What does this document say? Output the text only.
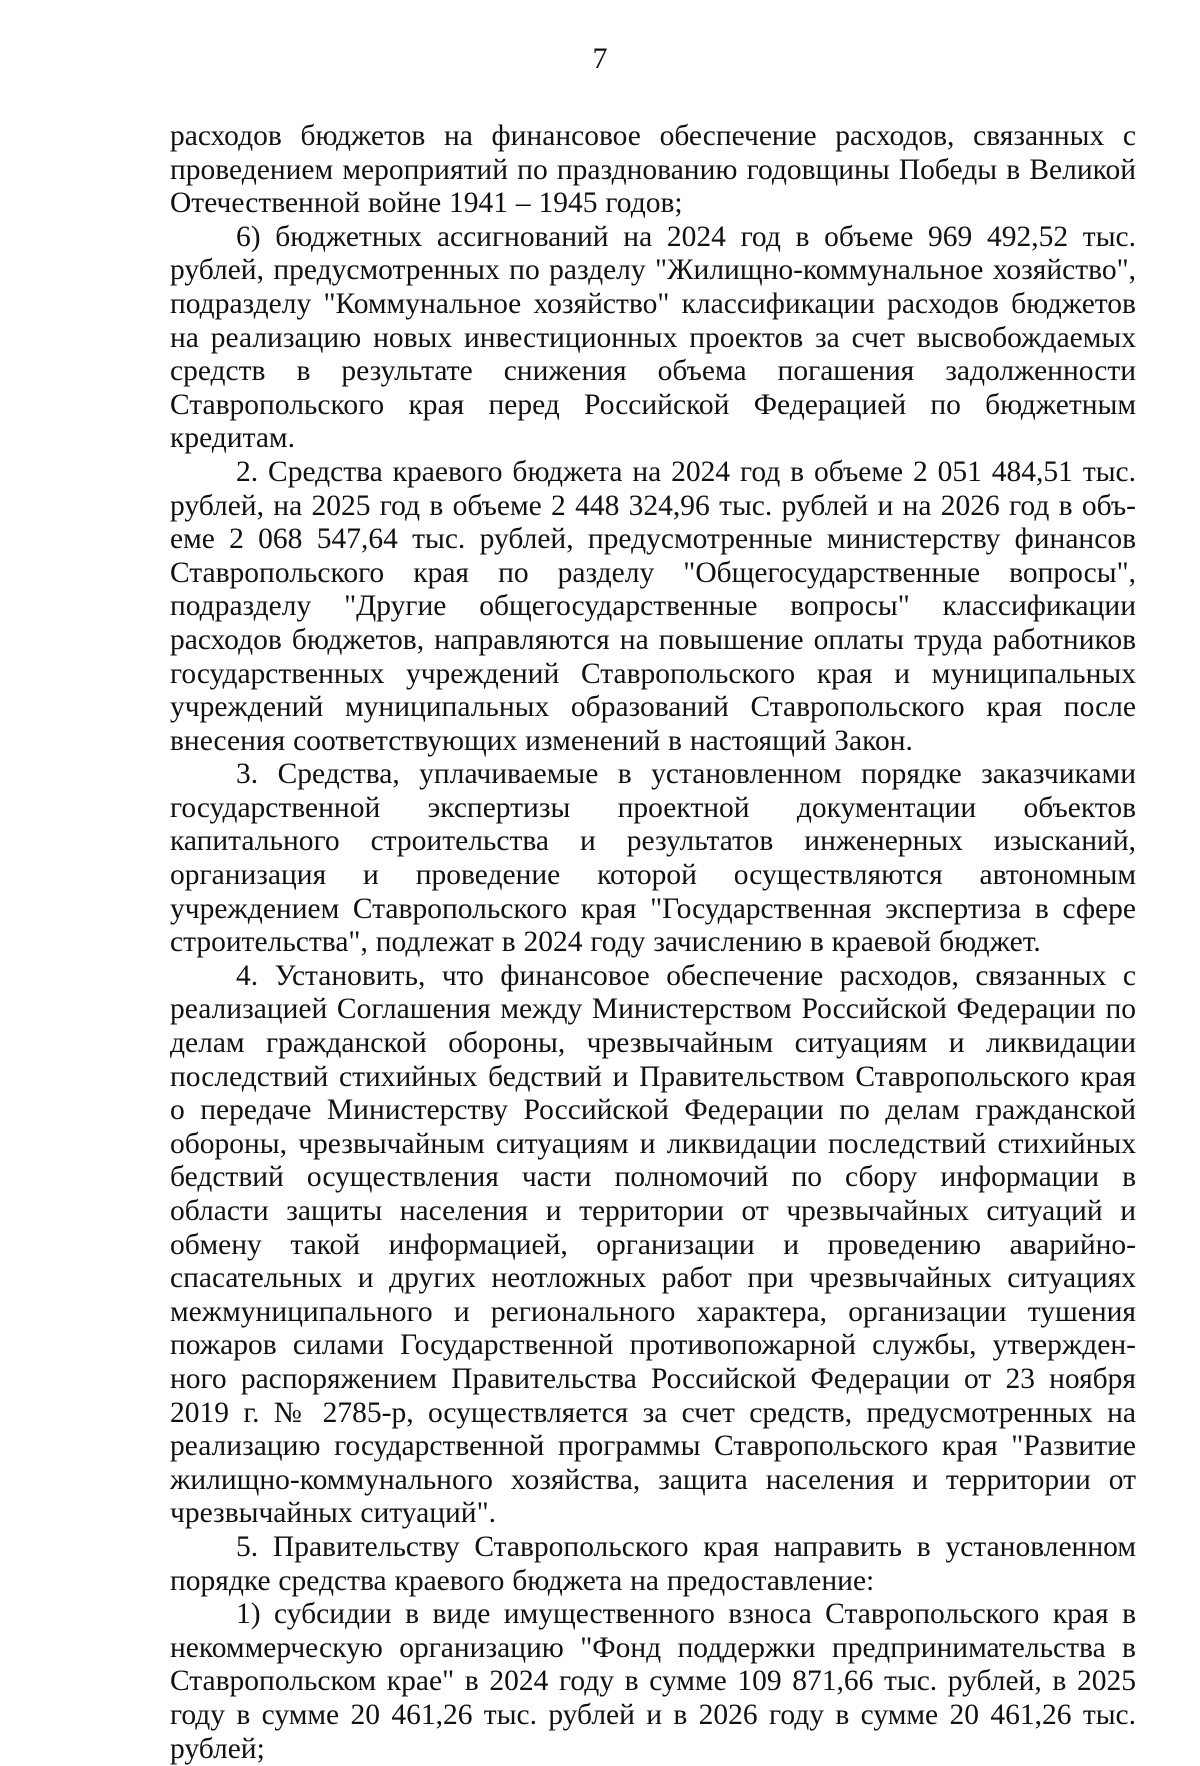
7

расходов бюджетов на финансовое обеспечение расходов, связанных с проведением мероприятий по празднованию годовщины Победы в Великой Отечественной войне 1941 – 1945 годов;

6) бюджетных ассигнований на 2024 год в объеме 969 492,52 тыс. рублей, предусмотренных по разделу "Жилищно-коммунальное хозяйство", подразделу "Коммунальное хозяйство" классификации расходов бюджетов на реализацию новых инвестиционных проектов за счет высвобождаемых средств в результате снижения объема погашения задолженности Ставропольского края перед Российской Федерацией по бюджетным кредитам.

2. Средства краевого бюджета на 2024 год в объеме 2 051 484,51 тыс. рублей, на 2025 год в объеме 2 448 324,96 тыс. рублей и на 2026 год в объеме 2 068 547,64 тыс. рублей, предусмотренные министерству финансов Ставропольского края по разделу "Общегосударственные вопросы", подразделу "Другие общегосударственные вопросы" классификации расходов бюджетов, направляются на повышение оплаты труда работников государственных учреждений Ставропольского края и муниципальных учреждений муниципальных образований Ставропольского края после внесения соответствующих изменений в настоящий Закон.

3. Средства, уплачиваемые в установленном порядке заказчиками государственной экспертизы проектной документации объектов капитального строительства и результатов инженерных изысканий, организация и проведение которой осуществляются автономным учреждением Ставропольского края "Государственная экспертиза в сфере строительства", подлежат в 2024 году зачислению в краевой бюджет.

4. Установить, что финансовое обеспечение расходов, связанных с реализацией Соглашения между Министерством Российской Федерации по делам гражданской обороны, чрезвычайным ситуациям и ликвидации последствий стихийных бедствий и Правительством Ставропольского края о передаче Министерству Российской Федерации по делам гражданской обороны, чрезвычайным ситуациям и ликвидации последствий стихийных бедствий осуществления части полномочий по сбору информации в области защиты населения и территории от чрезвычайных ситуаций и обмену такой информацией, организации и проведению аварийно-спасательных и других неотложных работ при чрезвычайных ситуациях межмуниципального и регионального характера, организации тушения пожаров силами Государственной противопожарной службы, утвержденного распоряжением Правительства Российской Федерации от 23 ноября 2019 г. № 2785-р, осуществляется за счет средств, предусмотренных на реализацию государственной программы Ставропольского края "Развитие жилищно-коммунального хозяйства, защита населения и территории от чрезвычайных ситуаций".

5. Правительству Ставропольского края направить в установленном порядке средства краевого бюджета на предоставление:

1) субсидии в виде имущественного взноса Ставропольского края в некоммерческую организацию "Фонд поддержки предпринимательства в Ставропольском крае" в 2024 году в сумме 109 871,66 тыс. рублей, в 2025 году в сумме 20 461,26 тыс. рублей и в 2026 году в сумме 20 461,26 тыс. рублей;
